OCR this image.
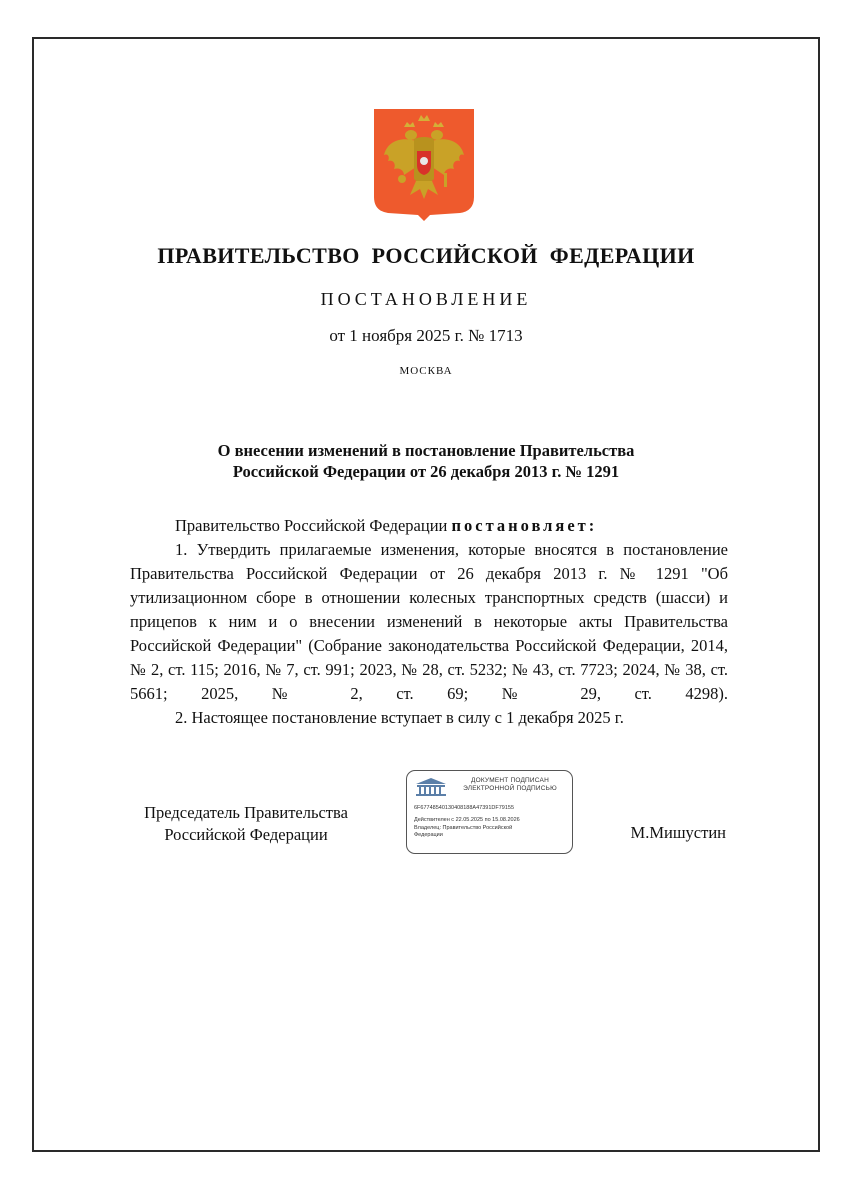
ПРАВИТЕЛЬСТВО РОССИЙСКОЙ ФЕДЕРАЦИИ
ПОСТАНОВЛЕНИЕ
от 1 ноября 2025 г. № 1713
МОСКВА
О внесении изменений в постановление Правительства
Российской Федерации от 26 декабря 2013 г. № 1291

Правительство Российской Федерации постановляет:

1. Утвердить прилагаемые изменения, которые вносятся в постановление Правительства Российской Федерации от 26 декабря 2013 г. № 1291 "Об утилизационном сборе в отношении колесных транспортных средств (шасси) и прицепов к ним и о внесении изменений в некоторые акты Правительства Российской Федерации" (Собрание законодательства Российской Федерации, 2014, № 2, ст. 115; 2016, № 7, ст. 991; 2023, № 28, ст. 5232; № 43, ст. 7723; 2024, № 38, ст. 5661; 2025, № 2, ст. 69; № 29, ст. 4298).

2. Настоящее постановление вступает в силу с 1 декабря 2025 г.

Председатель Правительства
Российской Федерации
ДОКУМЕНТ ПОДПИСАН
ЭЛЕКТРОННОЙ ПОДПИСЬЮ
6F67748540130408188A47391DF79155
Действителен с 22.05.2025 по 15.08.2026
Владелец: Правительство Российской
Федерации	М.Мишустин
